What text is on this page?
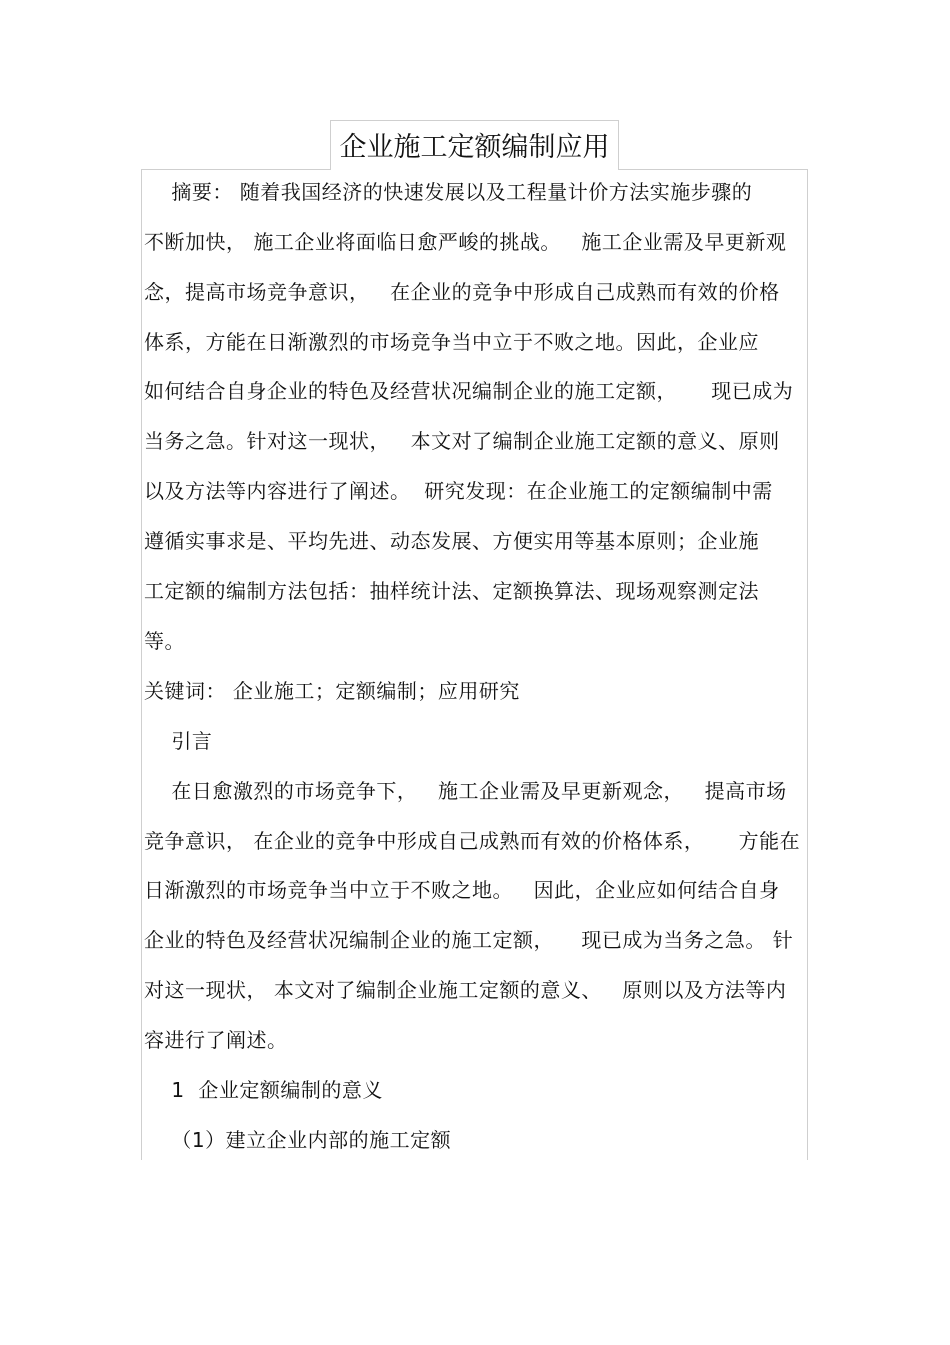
企业施工定额编制应用
摘要： 随着我国经济的快速发展以及工程量计价方法实施步骤的
不断加快， 施工企业将面临日愈严峻的挑战。   施工企业需及早更新观
念，提高市场竞争意识，   在企业的竞争中形成自己成熟而有效的价格
体系，方能在日渐激烈的市场竞争当中立于不败之地。因此，企业应
如何结合自身企业的特色及经营状况编制企业的施工定额，     现已成为
当务之急。针对这一现状，   本文对了编制企业施工定额的意义、原则
以及方法等内容进行了阐述。  研究发现：在企业施工的定额编制中需
遵循实事求是、平均先进、动态发展、方便实用等基本原则；企业施
工定额的编制方法包括：抽样统计法、定额换算法、现场观察测定法
等。
关键词： 企业施工；定额编制；应用研究
引言
在日愈激烈的市场竞争下，   施工企业需及早更新观念，   提高市场
竞争意识， 在企业的竞争中形成自己成熟而有效的价格体系，     方能在
日渐激烈的市场竞争当中立于不败之地。   因此，企业应如何结合自身
企业的特色及经营状况编制企业的施工定额，    现已成为当务之急。 针
对这一现状， 本文对了编制企业施工定额的意义、   原则以及方法等内
容进行了阐述。
1  企业定额编制的意义
（1）建立企业内部的施工定额
